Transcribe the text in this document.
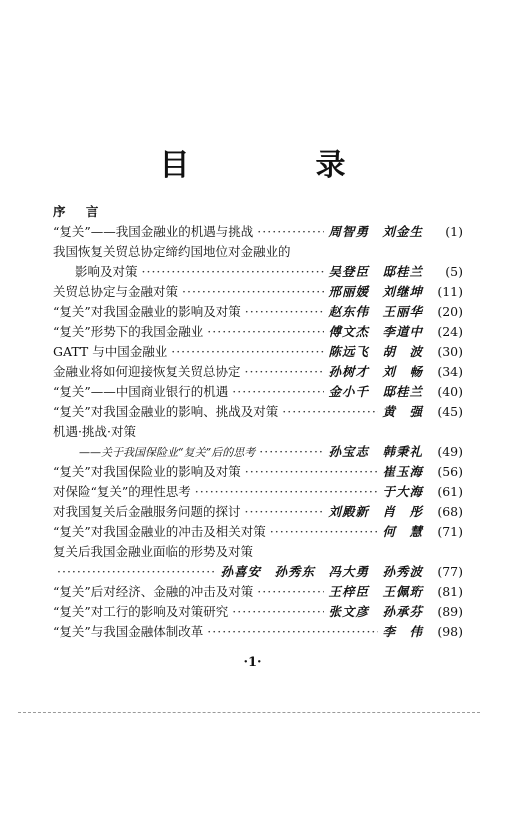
目　录
序 言
“复关”——我国金融业的机遇与挑战 ·····	周智勇　刘金生	(1)
我国恢复关贸总协定缔约国地位对金融业的
影响及对策 ·····	吴登臣　邸桂兰	(5)
关贸总协定与金融对策 ·····	邢丽媛　刘继坤	(11)
“复关”对我国金融业的影响及对策 ·····	赵东伟　王丽华	(20)
“复关”形势下的我国金融业 ·····	傅文杰　李道中	(24)
GATT 与中国金融业 ·····	陈远飞　胡　波	(30)
金融业将如何迎接恢复关贸总协定 ·····	孙树才　刘　畅	(34)
“复关”——中国商业银行的机遇 ·····	金小千　邸桂兰	(40)
“复关”对我国金融业的影响、挑战及对策 ·····	黄　强	(45)
机遇·挑战·对策
——关于我国保险业“复关”后的思考 ·····	孙宝志　韩秉礼	(49)
“复关”对我国保险业的影响及对策 ·····	崔玉海	(56)
对保险“复关”的理性思考 ·····	于大海	(61)
对我国复关后金融服务问题的探讨 ·····	刘殿新　肖　彤	(68)
“复关”对我国金融业的冲击及相关对策 ·····	何　慧	(71)
复关后我国金融业面临的形势及对策
·····
孙喜安　孙秀东　冯大勇　孙秀波	(77)
“复关”后对经济、金融的冲击及对策 ·····	王梓臣　王佩珩	(81)
“复关”对工行的影响及对策研究 ·····	张文彦　孙承芬	(89)
“复关”与我国金融体制改革 ·····	李　伟	(98)
·1·
